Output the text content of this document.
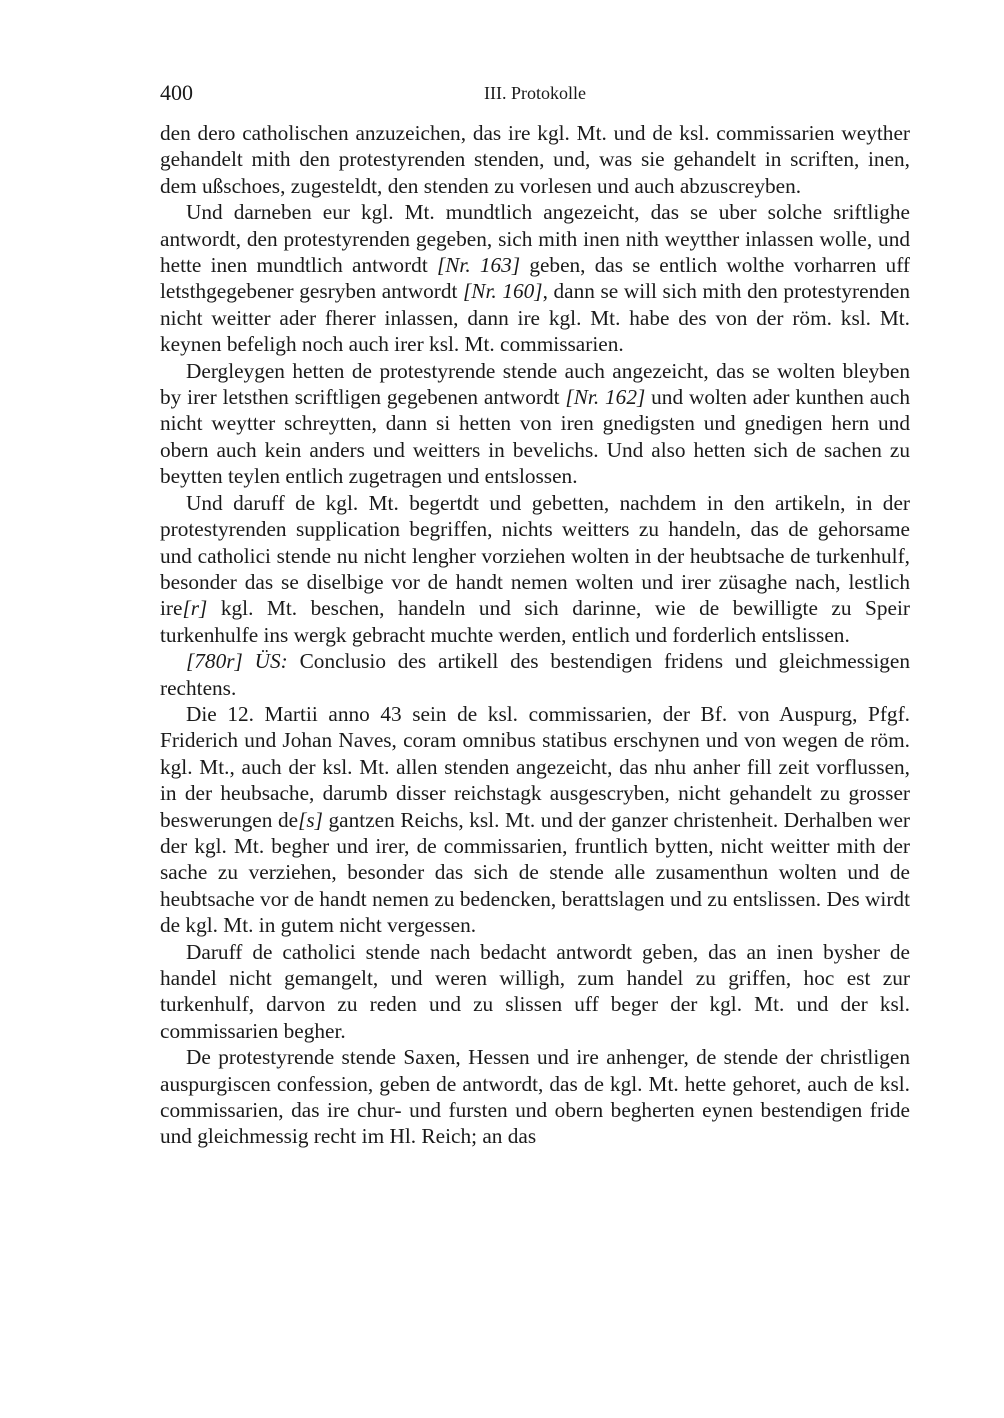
400	III. Protokolle

den dero catholischen anzuzeichen, das ire kgl. Mt. und de ksl. commissarien weyther gehandelt mith den protestyrenden stenden, und, was sie gehandelt in scriften, inen, dem ußschoes, zugesteldt, den stenden zu vorlesen und auch abzuscreyben.

Und darneben eur kgl. Mt. mundtlich angezeicht, das se uber solche sriftlighe antwordt, den protestyrenden gegeben, sich mith inen nith weytther inlassen wolle, und hette inen mundtlich antwordt [Nr. 163] geben, das se entlich wolthe vorharren uff letsthgegebener gesryben antwordt [Nr. 160], dann se will sich mith den protestyrenden nicht weitter ader fherer inlassen, dann ire kgl. Mt. habe des von der röm. ksl. Mt. keynen befeligh noch auch irer ksl. Mt. commissarien.

Dergleygen hetten de protestyrende stende auch angezeicht, das se wolten bleyben by irer letsthen scriftligen gegebenen antwordt [Nr. 162] und wolten ader kunthen auch nicht weytter schreytten, dann si hetten von iren gnedigsten und gnedigen hern und obern auch kein anders und weitters in bevelichs. Und also hetten sich de sachen zu beytten teylen entlich zugetragen und entslossen.

Und daruff de kgl. Mt. begertdt und gebetten, nachdem in den artikeln, in der protestyrenden supplication begriffen, nichts weitters zu handeln, das de gehorsame und catholici stende nu nicht lengher vorziehen wolten in der heubtsache de turkenhulf, besonder das se diselbige vor de handt nemen wolten und irer züsaghe nach, lestlich ire[r] kgl. Mt. beschen, handeln und sich darinne, wie de bewilligte zu Speir turkenhulfe ins wergk gebracht muchte werden, entlich und forderlich entslissen.

[780r] ÜS: Conclusio des artikell des bestendigen fridens und gleichmessigen rechtens.

Die 12. Martii anno 43 sein de ksl. commissarien, der Bf. von Auspurg, Pfgf. Friderich und Johan Naves, coram omnibus statibus erschynen und von wegen de röm. kgl. Mt., auch der ksl. Mt. allen stenden angezeicht, das nhu anher fill zeit vorflussen, in der heubsache, darumb disser reichstagk ausgescryben, nicht gehandelt zu grosser beswerungen de[s] gantzen Reichs, ksl. Mt. und der ganzer christenheit. Derhalben wer der kgl. Mt. begher und irer, de commissarien, fruntlich bytten, nicht weitter mith der sache zu verziehen, besonder das sich de stende alle zusamenthun wolten und de heubtsache vor de handt nemen zu bedencken, berattslagen und zu entslissen. Des wirdt de kgl. Mt. in gutem nicht vergessen.

Daruff de catholici stende nach bedacht antwordt geben, das an inen bysher de handel nicht gemangelt, und weren willigh, zum handel zu griffen, hoc est zur turkenhulf, darvon zu reden und zu slissen uff beger der kgl. Mt. und der ksl. commissarien begher.

De protestyrende stende Saxen, Hessen und ire anhenger, de stende der christligen auspurgiscen confession, geben de antwordt, das de kgl. Mt. hette gehoret, auch de ksl. commissarien, das ire chur- und fursten und obern begherten eynen bestendigen fride und gleichmessig recht im Hl. Reich; an das
